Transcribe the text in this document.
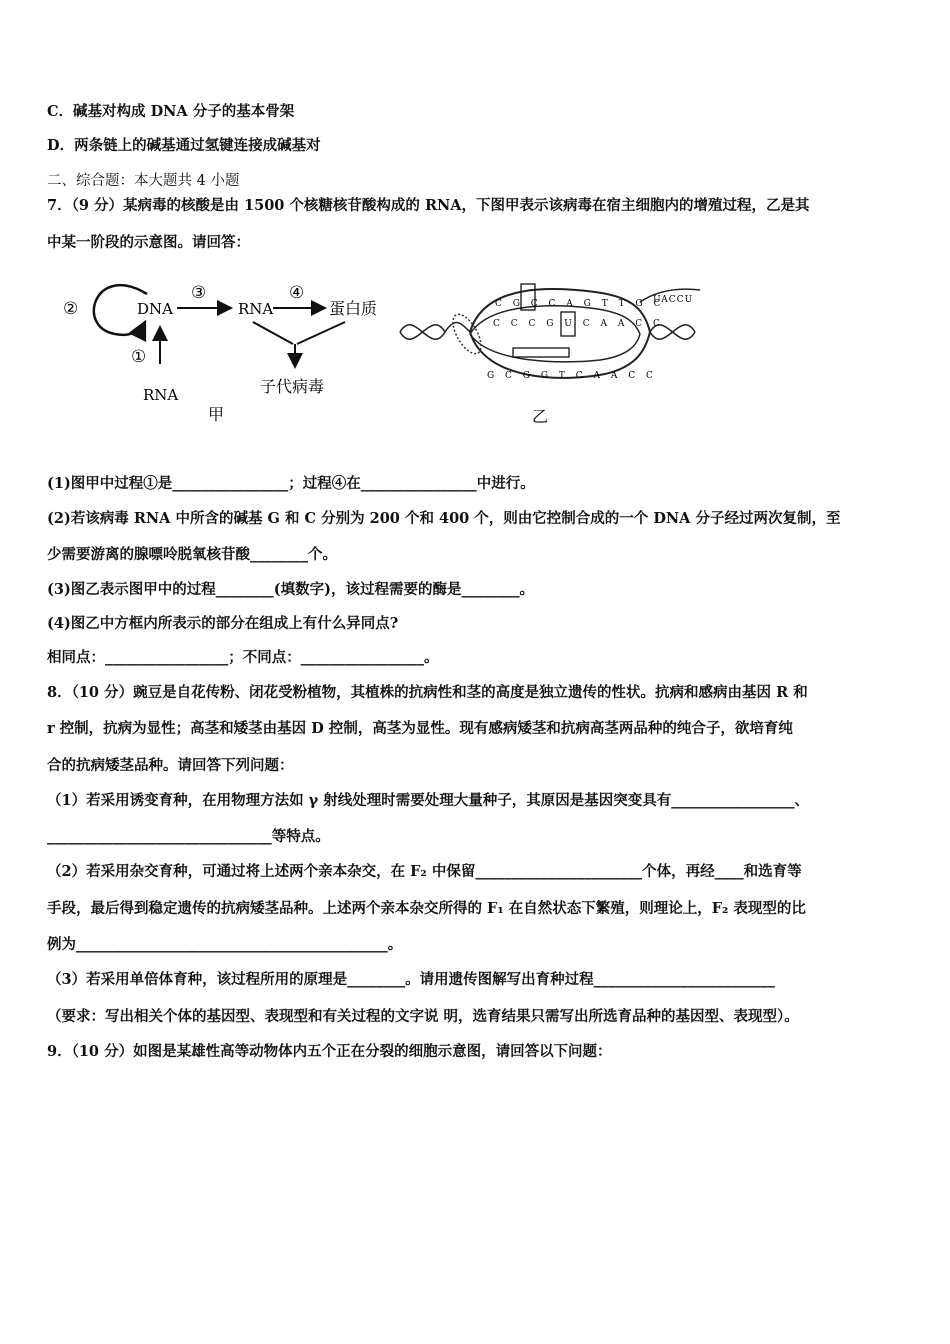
C．碱基对构成 DNA 分子的基本骨架
D．两条链上的碱基通过氢键连接成碱基对
二、综合题：本大题共 4 小题
7．（9 分）某病毒的核酸是由 1500 个核糖核苷酸构成的 RNA，下图甲表示该病毒在宿主细胞内的增殖过程，乙是其
中某一阶段的示意图。请回答：
②	DNA
③
RNA
④
蛋白质
子代病毒
①
RNA
甲
C G C C A G T T G C
C C C G U C A A C C
G C G G T C A A C C
UACCU
乙
(1)图甲中过程①是________________；过程④在________________中进行。
(2)若该病毒 RNA 中所含的碱基 G 和 C 分别为 200 个和 400 个，则由它控制合成的一个 DNA 分子经过两次复制，至
少需要游离的腺嘌呤脱氧核苷酸________个。
(3)图乙表示图甲中的过程________(填数字)，该过程需要的酶是________。
(4)图乙中方框内所表示的部分在组成上有什么异同点?
相同点：_________________；不同点：_________________。
8．（10 分）豌豆是自花传粉、闭花受粉植物，其植株的抗病性和茎的高度是独立遗传的性状。抗病和感病由基因 R 和
r 控制，抗病为显性；高茎和矮茎由基因 D 控制，高茎为显性。现有感病矮茎和抗病高茎两品种的纯合子，欲培育纯
合的抗病矮茎品种。请回答下列问题：
（1）若采用诱变育种，在用物理方法如 γ 射线处理时需要处理大量种子，其原因是基因突变具有_________________、
_______________________________等特点。
（2）若采用杂交育种，可通过将上述两个亲本杂交，在 F₂ 中保留_______________________个体，再经____和选育等
手段，最后得到稳定遗传的抗病矮茎品种。上述两个亲本杂交所得的 F₁ 在自然状态下繁殖，则理论上，F₂ 表现型的比
例为___________________________________________。
（3）若采用单倍体育种，该过程所用的原理是________。请用遗传图解写出育种过程_________________________
（要求：写出相关个体的基因型、表现型和有关过程的文字说 明，选育结果只需写出所选育品种的基因型、表现型）。
9．（10 分）如图是某雄性高等动物体内五个正在分裂的细胞示意图，请回答以下问题：
